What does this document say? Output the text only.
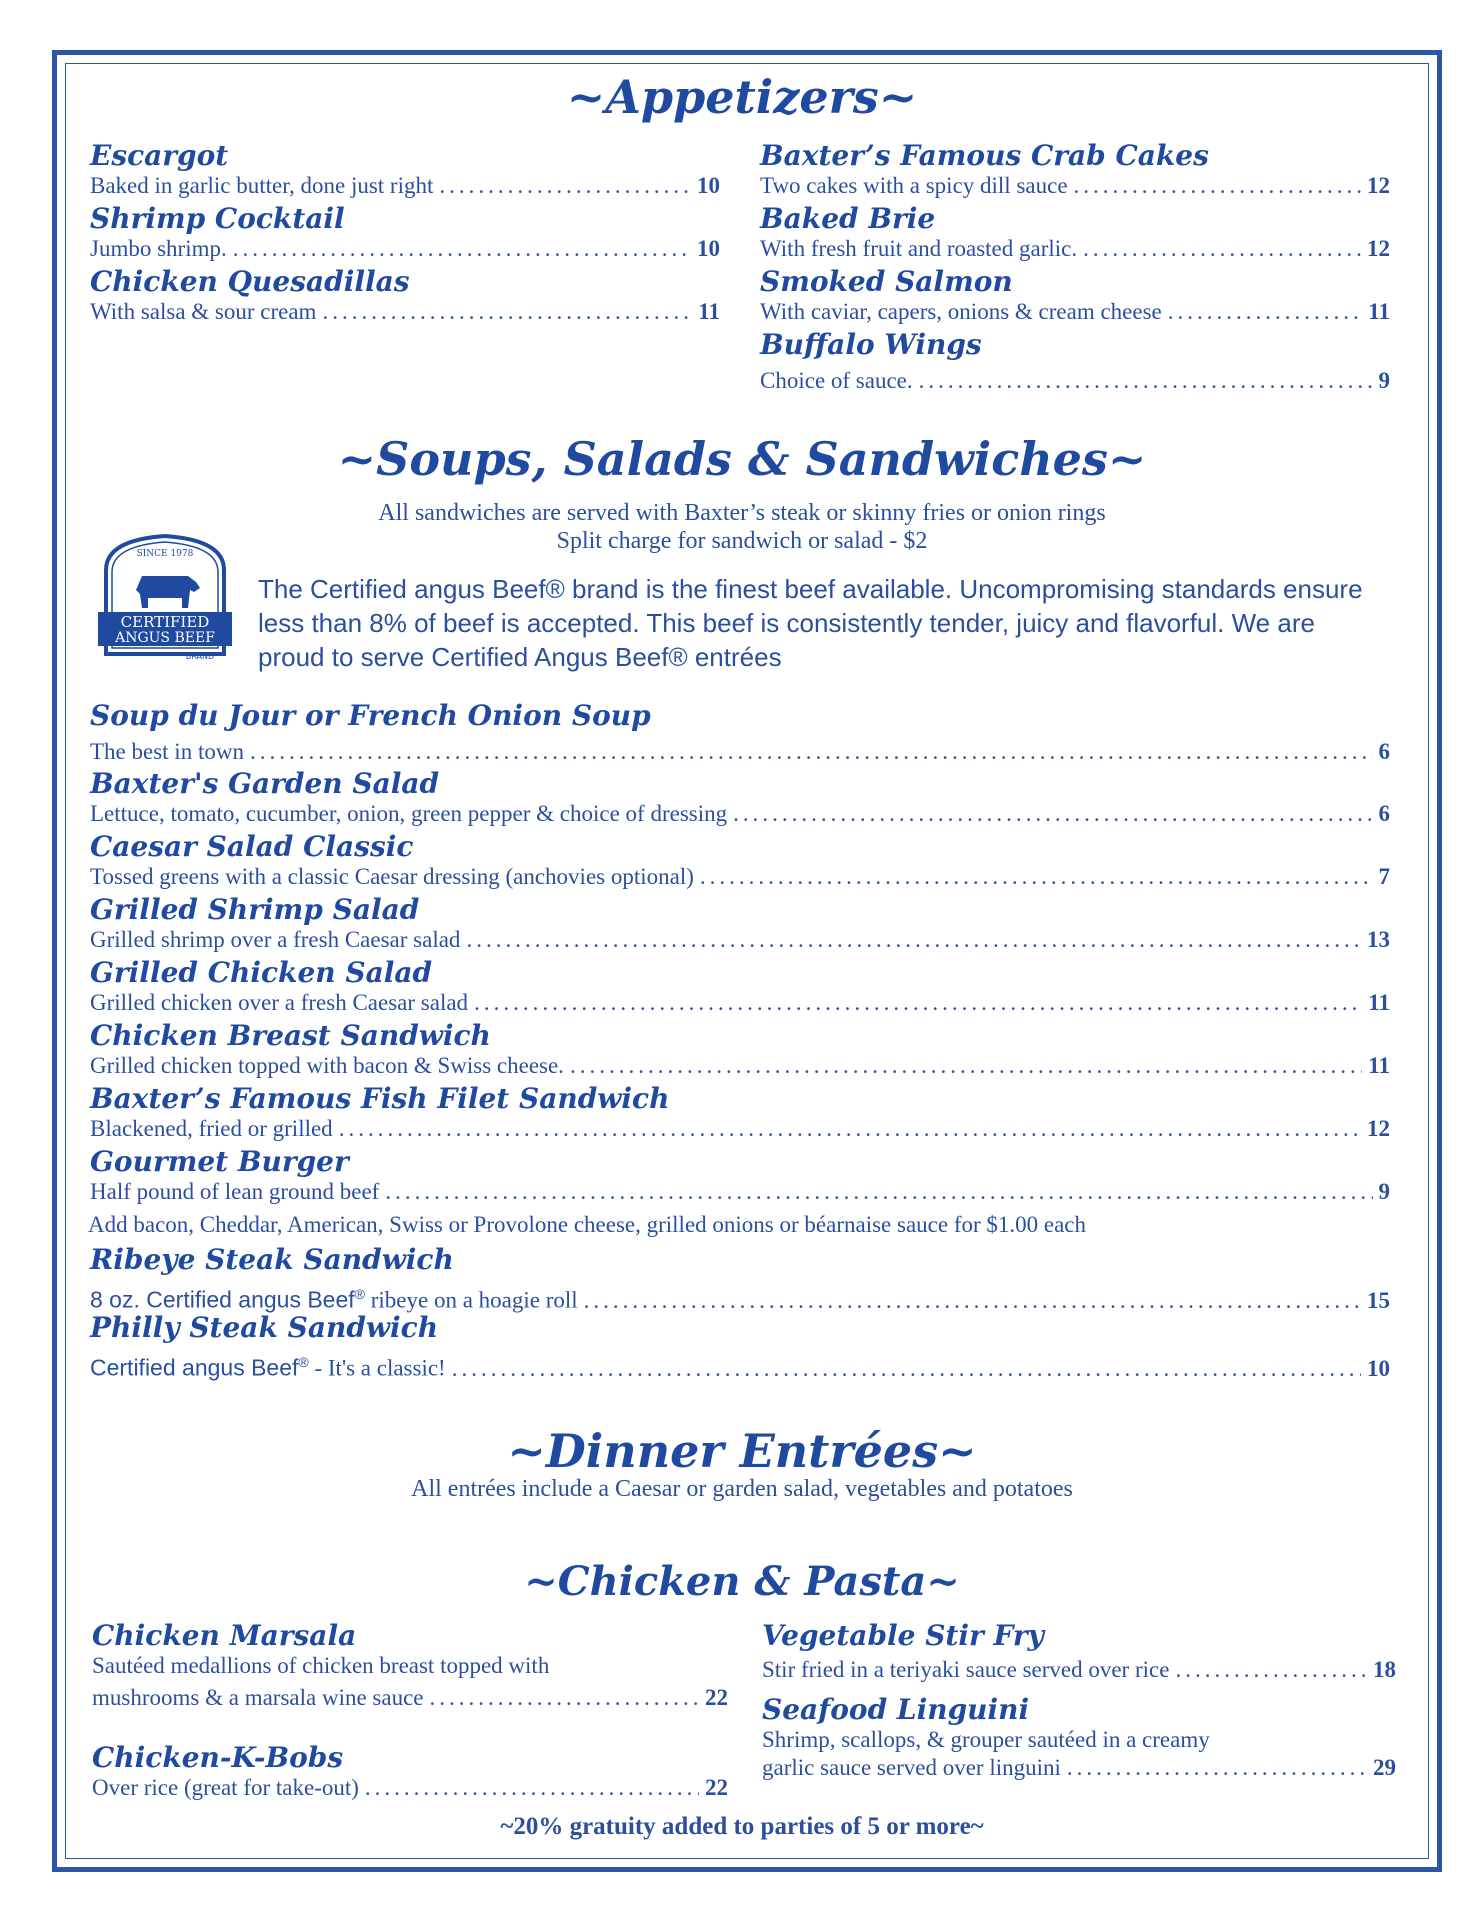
~Appetizers~
Escargot
Baked in garlic butter, done just right .....	10
Shrimp Cocktail
Jumbo shrimp. .....	10
Chicken Quesadillas
With salsa & sour cream .....	11
Baxter’s Famous Crab Cakes
Two cakes with a spicy dill sauce .....	12
Baked Brie
With fresh fruit and roasted garlic. .....	12
Smoked Salmon
With caviar, capers, onions & cream cheese .....	11
Buffalo Wings
Choice of sauce. .....	9
~Soups, Salads & Sandwiches~
All sandwiches are served with Baxter’s steak or skinny fries or onion rings
Split charge for sandwich or salad - $2
SINCE 1978
CERTIFIED
ANGUS BEEF
BRAND
The Certified angus Beef® brand is the finest beef available. Uncompromising standards ensure less than 8% of beef is accepted. This beef is consistently tender, juicy and flavorful. We are proud to serve Certified Angus Beef® entrées
Soup du Jour or French Onion Soup
The best in town .....	6
Baxter's Garden Salad
Lettuce, tomato, cucumber, onion, green pepper & choice of dressing .....	6
Caesar Salad Classic
Tossed greens with a classic Caesar dressing (anchovies optional) .....	7
Grilled Shrimp Salad
Grilled shrimp over a fresh Caesar salad .....	13
Grilled Chicken Salad
Grilled chicken over a fresh Caesar salad .....	11
Chicken Breast Sandwich
Grilled chicken topped with bacon & Swiss cheese. .....	11
Baxter’s Famous Fish Filet Sandwich
Blackened, fried or grilled .....	12
Gourmet Burger
Half pound of lean ground beef .....	9
Add bacon, Cheddar, American, Swiss or Provolone cheese, grilled onions or béarnaise sauce for $1.00 each
Ribeye Steak Sandwich
8 oz. Certified angus Beef® ribeye on a hoagie roll .....	15
Philly Steak Sandwich
Certified angus Beef® - It's a classic! .....	10
~Dinner Entrées~
All entrées include a Caesar or garden salad, vegetables and potatoes
~Chicken & Pasta~
Chicken Marsala
Sautéed medallions of chicken breast topped with
mushrooms & a marsala wine sauce .....	22
Chicken-K-Bobs
Over rice (great for take-out) .....	22
Vegetable Stir Fry
Stir fried in a teriyaki sauce served over rice .....	18
Seafood Linguini
Shrimp, scallops, & grouper sautéed in a creamy
garlic sauce served over linguini .....	29
~20% gratuity added to parties of 5 or more~
